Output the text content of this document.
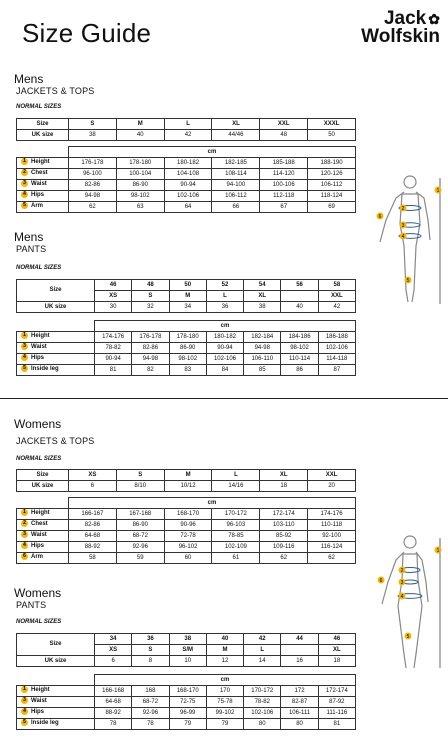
Size Guide	Jack ✿
Wolfskin
Mens
JACKETS & TOPS
NORMAL SIZES
Size	S	M	L	XL	XXL	XXXL
UK size	38	40	42	44/46	48	50
	cm					
1 Height	176-178	178-180	180-182	182-185	185-188	188-190
2 Chest	96-100	100-104	104-108	108-114	114-120	120-126
3 Waist	82-86	86-90	90-94	94-100	100-106	106-112
4 Hips	94-98	98-102	102-106	106-112	112-118	118-124
5 Arm	62	63	64	66	67	69
Mens
PANTS
NORMAL SIZES
Size	46	48	50	52	54	56	58
	XS	S	M	L	XL		XXL
UK size	30	32	34	36	38	40	42
	cm						
1 Height	174-176	176-178	178-180	180-182	182-184	184-186	186-188
3 Waist	78-82	82-86	86-90	90-94	94-98	98-102	102-106
4 Hips	90-94	94-98	98-102	102-106	106-110	110-114	114-118
5 Inside leg	81	82	83	84	85	86	87
Womens
JACKETS & TOPS
NORMAL SIZES
Size	XS	S	M	L	XL	XXL
UK size	6	8/10	10/12	14/16	18	20
	cm					
1 Height	166-167	167-168	168-170	170-172	172-174	174-176
2 Chest	82-86	86-90	90-96	96-103	103-110	110-118
3 Waist	64-68	68-72	72-78	78-85	85-92	92-100
4 Hips	88-92	92-96	96-102	102-109	109-116	116-124
6 Arm	58	59	60	61	62	62
Womens
PANTS
NORMAL SIZES
Size	34	36	38	40	42	44	46
	XS	S	S/M	M	L		XL
UK size	6	8	10	12	14	16	18
	cm						
1 Height	166-168	168	168-170	170	170-172	172	172-174
3 Waist	64-68	68-72	72-75	75-78	78-82	82-87	87-92
4 Hips	88-92	92-96	96-99	99-102	102-106	106-111	111-116
5 Inside leg	78	78	79	79	80	80	81
1
2
3
4
5
6
1
2
3
4
5
6
